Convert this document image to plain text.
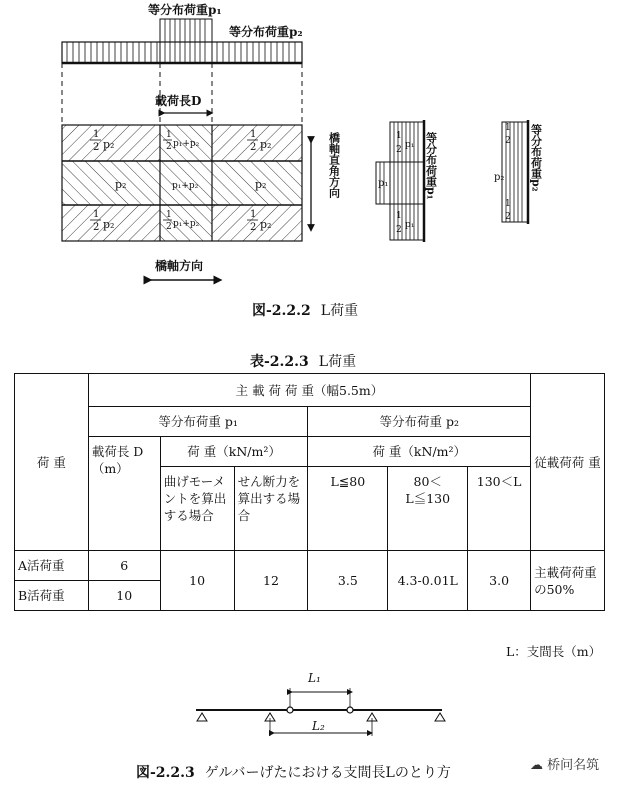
等分布荷重p₁
等分布荷重p₂
載荷長D
1
2 p₂
1
2 p₁+p₂
1
2 p₂
p₂	p₁+p₂	p₂
1
2 p₂
1
2 p₁+p₂
1
2 p₂
橋軸直角方向
橋軸方向
p₁
1
2 p₁
1
2 p₁
等分布荷重p₁	p₂
1
2
1
2
等分布荷重p₂
図-2.2.2 L荷重
表-2.2.3 L荷重
荷 重	主 載 荷 荷 重（幅5.5m）						従載荷荷 重
	等分布荷重 p₁			等分布荷重 p₂			
	載荷長 D（m）	荷 重（kN/m²）		荷 重（kN/m²）			
		曲げモーメントを算出する場合	せん断力を算出する場合	L≦80	80＜L≦130	130＜L	
A活荷重	6	10	12	3.5	4.3-0.01L	3.0	主載荷荷重の50%
B活荷重	10						
L：支間長（m）
L₁
L₂
図-2.2.3 ゲルバーげたにおける支間長Lのとり方	☁ 桥问名筑
